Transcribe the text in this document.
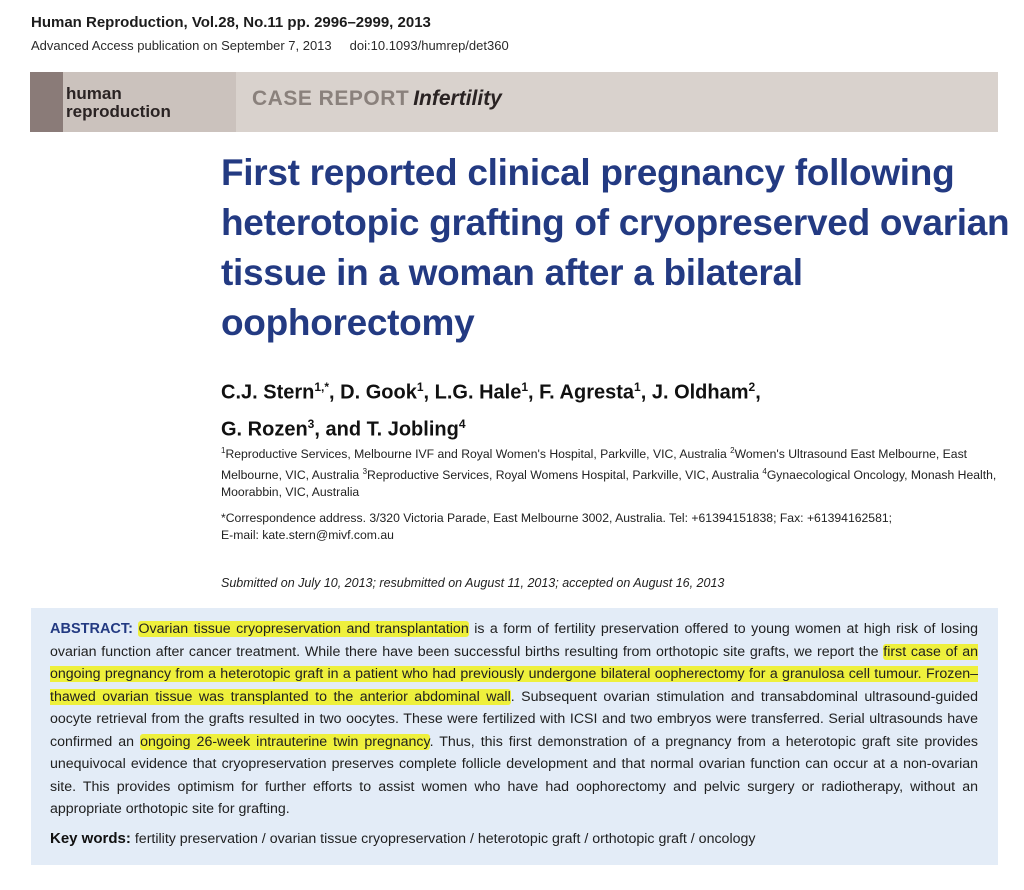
Human Reproduction, Vol.28, No.11 pp. 2996–2999, 2013
Advanced Access publication on September 7, 2013 doi:10.1093/humrep/det360
human
reproduction
CASE REPORT Infertility
First reported clinical pregnancy following heterotopic grafting of cryopreserved ovarian tissue in a woman after a bilateral oophorectomy
C.J. Stern$^{1,*}$, D. Gook$^1$, L.G. Hale$^1$, F. Agresta$^1$, J. Oldham$^2$,
G. Rozen$^3$, and T. Jobling$^4$
$^1$Reproductive Services, Melbourne IVF and Royal Women's Hospital, Parkville, VIC, Australia $^2$Women's Ultrasound East Melbourne, East Melbourne, VIC, Australia $^3$Reproductive Services, Royal Womens Hospital, Parkville, VIC, Australia $^4$Gynaecological Oncology, Monash Health, Moorabbin, VIC, Australia
*Correspondence address. 3/320 Victoria Parade, East Melbourne 3002, Australia. Tel: +61394151838; Fax: +61394162581;
E-mail: kate.stern@mivf.com.au
Submitted on July 10, 2013; resubmitted on August 11, 2013; accepted on August 16, 2013
ABSTRACT: Ovarian tissue cryopreservation and transplantation is a form of fertility preservation offered to young women at high risk of losing ovarian function after cancer treatment. While there have been successful births resulting from orthotopic site grafts, we report the first case of an ongoing pregnancy from a heterotopic graft in a patient who had previously undergone bilateral oopherectomy for a granulosa cell tumour. Frozen–thawed ovarian tissue was transplanted to the anterior abdominal wall. Subsequent ovarian stimulation and transabdominal ultrasound-guided oocyte retrieval from the grafts resulted in two oocytes. These were fertilized with ICSI and two embryos were transferred. Serial ultrasounds have confirmed an ongoing 26-week intrauterine twin pregnancy. Thus, this first demonstration of a pregnancy from a heterotopic graft site provides unequivocal evidence that cryopreservation preserves complete follicle development and that normal ovarian function can occur at a non-ovarian site. This provides optimism for further efforts to assist women who have had oophorectomy and pelvic surgery or radiotherapy, without an appropriate orthotopic site for grafting.
Key words: fertility preservation / ovarian tissue cryopreservation / heterotopic graft / orthotopic graft / oncology
